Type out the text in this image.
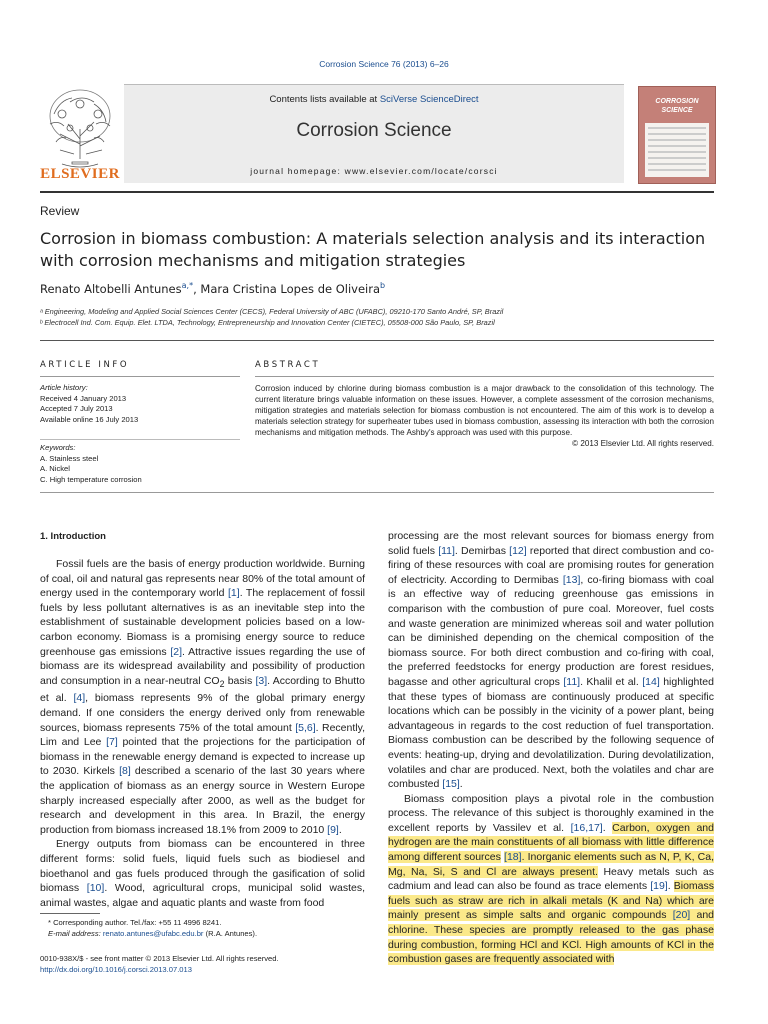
Corrosion Science 76 (2013) 6–26
Contents lists available at SciVerse ScienceDirect
Corrosion Science
journal homepage: www.elsevier.com/locate/corsci
ELSEVIER
CORROSION SCIENCE
Review
Corrosion in biomass combustion: A materials selection analysis and its interaction with corrosion mechanisms and mitigation strategies
Renato Altobelli Antunes$^{a,*}$, Mara Cristina Lopes de Oliveira$^b$
ᵃ Engineering, Modeling and Applied Social Sciences Center (CECS), Federal University of ABC (UFABC), 09210-170 Santo André, SP, Brazil
ᵇ Electrocell Ind. Com. Equip. Elet. LTDA, Technology, Entrepreneurship and Innovation Center (CIETEC), 05508-000 São Paulo, SP, Brazil
ARTICLE INFO	ABSTRACT
Article history:
Received 4 January 2013
Accepted 7 July 2013
Available online 16 July 2013
Keywords:
A. Stainless steel
A. Nickel
C. High temperature corrosion
Corrosion induced by chlorine during biomass combustion is a major drawback to the consolidation of this technology. The current literature brings valuable information on these issues. However, a complete assessment of the corrosion mechanisms, mitigation strategies and materials selection for biomass combustion is not encountered. The aim of this work is to develop a materials selection strategy for superheater tubes used in biomass combustion, assessing its interaction with both the corrosion mechanisms and mitigation methods. The Ashby's approach was used with this purpose.
© 2013 Elsevier Ltd. All rights reserved.
1. Introduction

Fossil fuels are the basis of energy production worldwide. Burning of coal, oil and natural gas represents near 80% of the total amount of energy used in the contemporary world [1]. The replacement of fossil fuels by less pollutant alternatives is as an inevitable step into the establishment of sustainable development policies based on a low-carbon economy. Biomass is a promising energy source to reduce greenhouse gas emissions [2]. Attractive issues regarding the use of biomass are its widespread availability and possibility of production and consumption in a near-neutral $CO_2$ basis [3]. According to Bhutto et al. [4], biomass represents 9% of the global primary energy demand. If one considers the energy derived only from renewable sources, biomass represents 75% of the total amount [5,6]. Recently, Lim and Lee [7] pointed that the projections for the participation of biomass in the renewable energy demand is expected to increase up to 2030. Kirkels [8] described a scenario of the last 30 years where the application of biomass as an energy source in Western Europe sharply increased especially after 2000, as well as the budget for research and development in this area. In Brazil, the energy production from biomass increased 18.1% from 2009 to 2010 [9].

Energy outputs from biomass can be encountered in three different forms: solid fuels, liquid fuels such as biodiesel and bioethanol and gas fuels produced through the gasification of solid biomass [10]. Wood, agricultural crops, municipal solid wastes, animal wastes, algae and aquatic plants and waste from food

processing are the most relevant sources for biomass energy from solid fuels [11]. Demirbas [12] reported that direct combustion and co-firing of these resources with coal are promising routes for generation of electricity. According to Dermibas [13], co-firing biomass with coal is an effective way of reducing greenhouse gas emissions in comparison with the combustion of pure coal. Moreover, fuel costs and waste generation are minimized whereas soil and water pollution can be diminished depending on the chemical composition of the biomass source. For both direct combustion and co-firing with coal, the preferred feedstocks for energy production are forest residues, bagasse and other agricultural crops [11]. Khalil et al. [14] highlighted that these types of biomass are continuously produced at specific locations which can be possibly in the vicinity of a power plant, being advantageous in regards to the cost reduction of fuel transportation. Biomass combustion can be described by the following sequence of events: heating-up, drying and devolatilization. During devolatilization, volatiles and char are produced. Next, both the volatiles and char are combusted [15].

Biomass composition plays a pivotal role in the combustion process. The relevance of this subject is thoroughly examined in the excellent reports by Vassilev et al. [16,17]. Carbon, oxygen and hydrogen are the main constituents of all biomass with little difference among different sources [18]. Inorganic elements such as N, P, K, Ca, Mg, Na, Si, S and Cl are always present. Heavy metals such as cadmium and lead can also be found as trace elements [19]. Biomass fuels such as straw are rich in alkali metals (K and Na) which are mainly present as simple salts and organic compounds [20] and chlorine. These species are promptly released to the gas phase during combustion, forming HCl and KCl. High amounts of KCl in the combustion gases are frequently associated with

* Corresponding author. Tel./fax: +55 11 4996 8241.
E-mail address: renato.antunes@ufabc.edu.br (R.A. Antunes).
0010-938X/$ - see front matter © 2013 Elsevier Ltd. All rights reserved.
http://dx.doi.org/10.1016/j.corsci.2013.07.013
